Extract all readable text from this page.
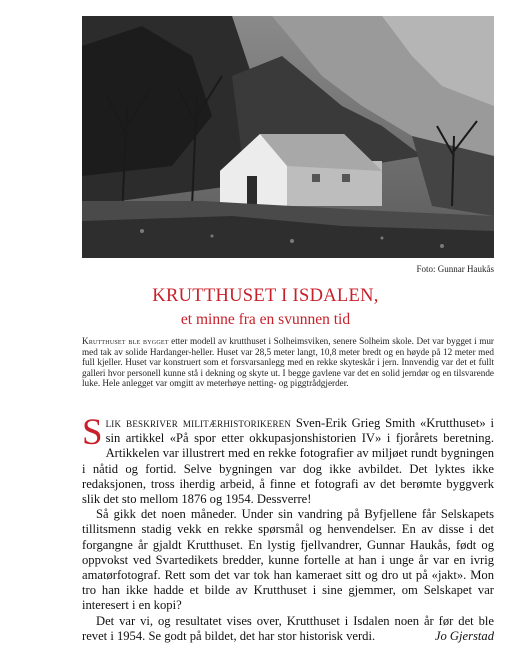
Foto: Gunnar Haukås
KRUTTHUSET I ISDALEN,
et minne fra en svunnen tid
Krutthuset ble bygget etter modell av krutthuset i Solheimsviken, senere Solheim skole. Det var bygget i mur med tak av solide Hardanger-heller. Huset var 28,5 meter langt, 10,8 meter bredt og en høyde på 12 meter med full kjeller. Huset var konstruert som et forsvarsanlegg med en rekke skyteskår i jern. Innvendig var det et fullt galleri hvor personell kunne stå i dekning og skyte ut. I begge gavlene var det en solid jerndør og en tilsvarende luke. Hele anlegget var omgitt av meterhøye netting- og piggtrådgjerder.

Slik beskriver militærhistorikeren Sven-Erik Grieg Smith «Krutthuset» i sin artikkel «På spor etter okkupasjonshistorien IV» i fjorårets beretning. Artikkelen var illustrert med en rekke fotografier av miljøet rundt bygningen i nåtid og fortid. Selve bygningen var dog ikke avbildet. Det lyktes ikke redaksjonen, tross iherdig arbeid, å finne et fotografi av det berømte byggverk slik det sto mellom 1876 og 1954. Dessverre!

Så gikk det noen måneder. Under sin vandring på Byfjellene får Selskapets tillitsmenn stadig vekk en rekke spørsmål og henvendelser. En av disse i det forgangne år gjaldt Krutthuset. En lystig fjellvandrer, Gunnar Haukås, født og oppvokst ved Svartedikets bredder, kunne fortelle at han i unge år var en ivrig amatørfotograf. Rett som det var tok han kameraet sitt og dro ut på «jakt». Mon tro han ikke hadde et bilde av Krutthuset i sine gjemmer, om Selskapet var interesert i en kopi?

Det var vi, og resultatet vises over, Krutthuset i Isdalen noen år før det ble revet i 1954. Se godt på bildet, det har stor historisk verdi.	Jo Gjerstad
